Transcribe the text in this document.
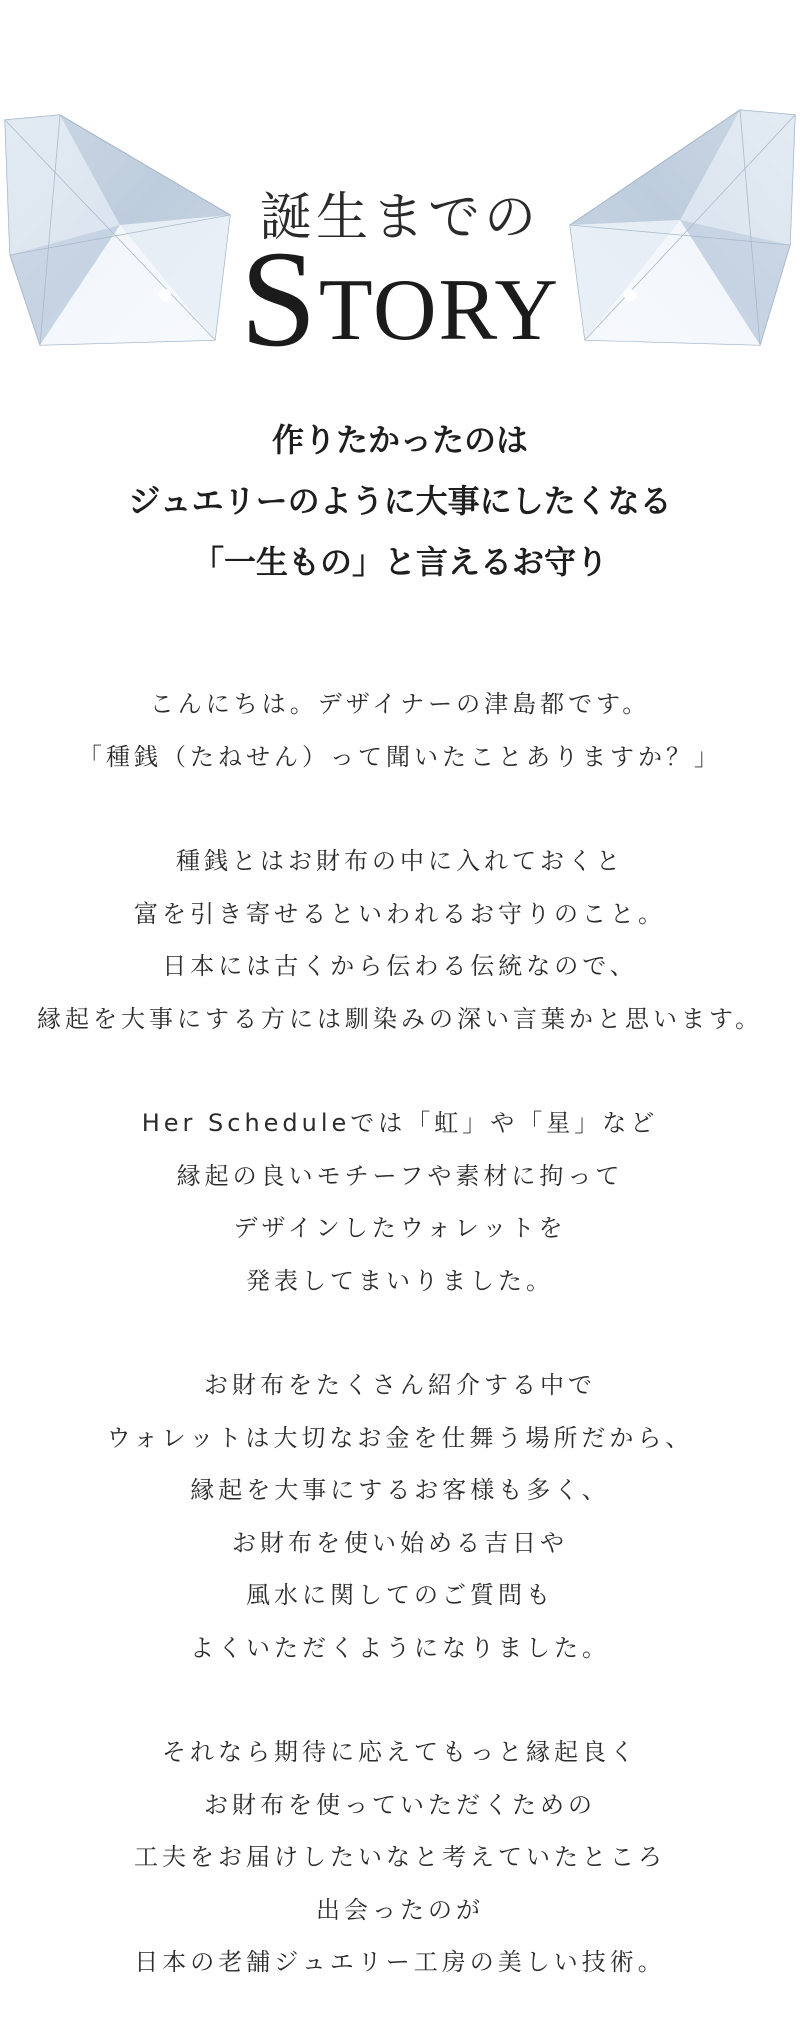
誕生までの
STORY

作りたかったのは

ジュエリーのように大事にしたくなる

「一生もの」と言えるお守り

こんにちは。デザイナーの津島都です。
「種銭（たねせん）って聞いたことありますか？」
種銭とはお財布の中に入れておくと
富を引き寄せるといわれるお守りのこと。
日本には古くから伝わる伝統なので、
縁起を大事にする方には馴染みの深い言葉かと思います。
Her Scheduleでは「虹」や「星」など
縁起の良いモチーフや素材に拘って
デザインしたウォレットを
発表してまいりました。
お財布をたくさん紹介する中で
ウォレットは大切なお金を仕舞う場所だから、
縁起を大事にするお客様も多く、
お財布を使い始める吉日や
風水に関してのご質問も
よくいただくようになりました。
それなら期待に応えてもっと縁起良く
お財布を使っていただくための
工夫をお届けしたいなと考えていたところ
出会ったのが
日本の老舗ジュエリー工房の美しい技術。
